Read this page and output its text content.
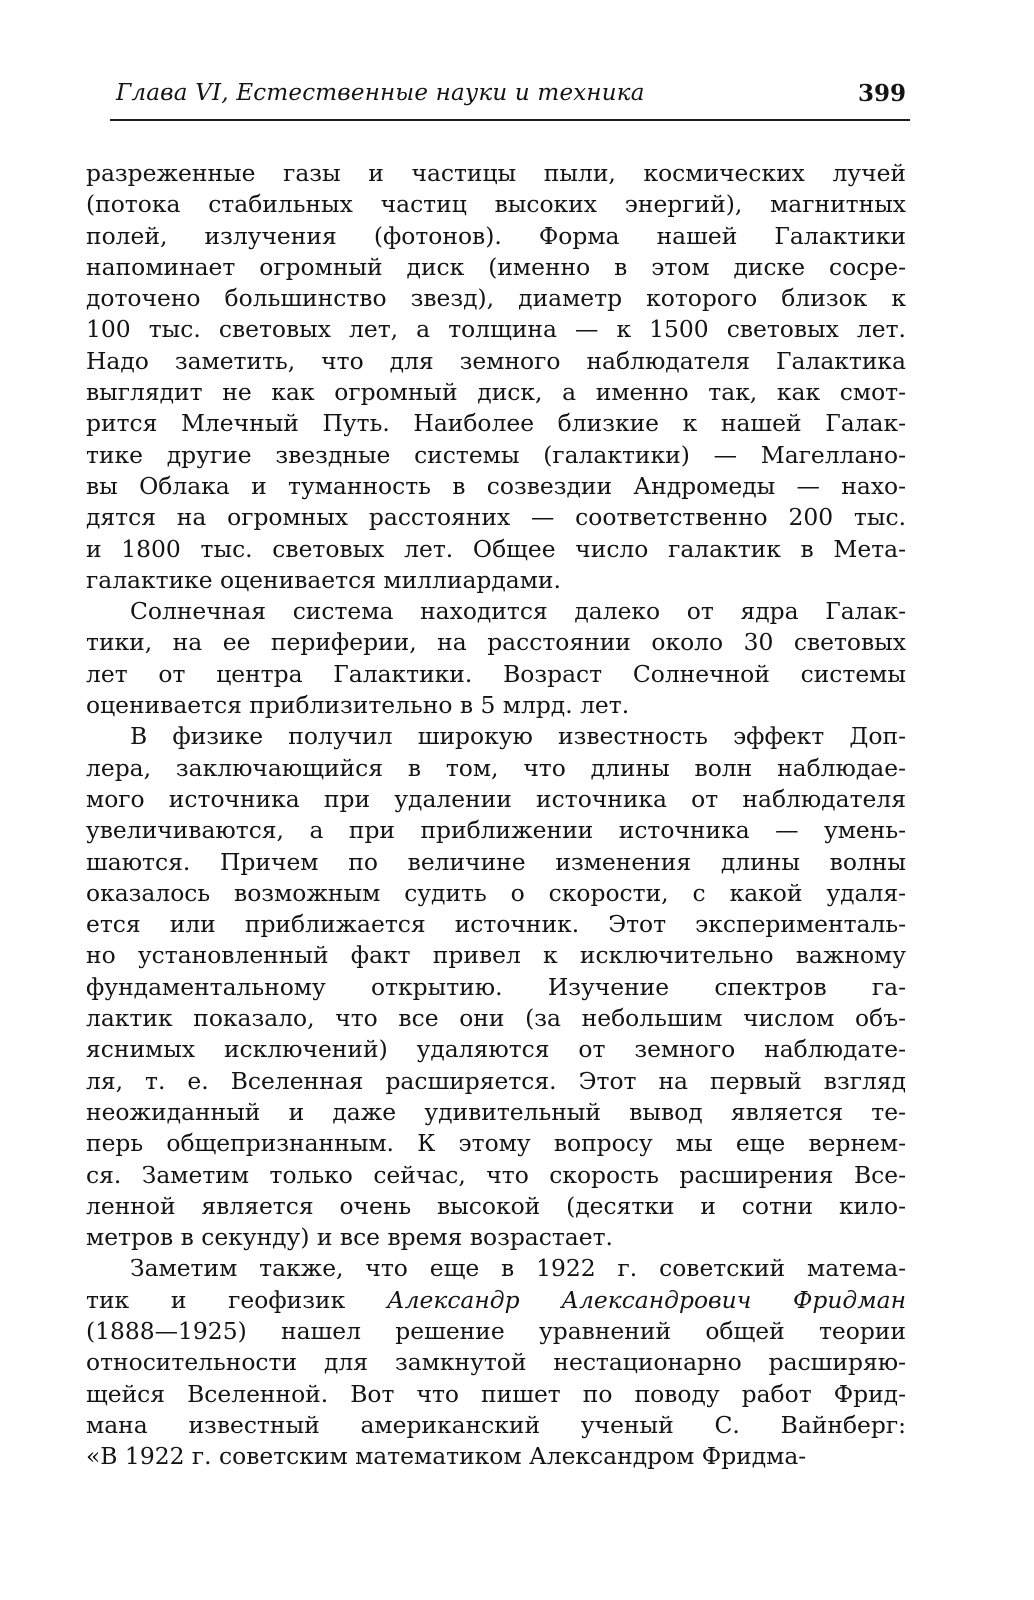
Глава VI, Естественные науки и техника	399
разреженные газы и частицы пыли, космических лучей
(потока стабильных частиц высоких энергий), магнитных
полей, излучения (фотонов). Форма нашей Галактики
напоминает огромный диск (именно в этом диске сосре-
доточено большинство звезд), диаметр которого близок к
100 тыс. световых лет, а толщина — к 1500 световых лет.
Надо заметить, что для земного наблюдателя Галактика
выглядит не как огромный диск, а именно так, как смот-
рится Млечный Путь. Наиболее близкие к нашей Галак-
тике другие звездные системы (галактики) — Магелланo-
вы Облака и туманность в созвездии Андромеды — нахо-
дятся на огромных расстояних — соответственно 200 тыс.
и 1800 тыс. световых лет. Общее число галактик в Мета-
галактике оценивается миллиардами.
Солнечная система находится далеко от ядра Галак-
тики, на ее периферии, на расстоянии около 30 световых
лет от центра Галактики. Возраст Солнечной системы
оценивается приблизительно в 5 млрд. лет.
В физике получил широкую известность эффект Доп-
лера, заключающийся в том, что длины волн наблюдае-
мого источника при удалении источника от наблюдателя
увеличиваются, а при приближении источника — умень-
шаются. Причем по величине изменения длины волны
оказалось возможным судить о скорости, с какой удаля-
ется или приближается источник. Этот эксперименталь-
но установленный факт привел к исключительно важному
фундаментальному открытию. Изучение спектров га-
лактик показало, что все они (за небольшим числом объ-
яснимых исключений) удаляются от земного наблюдате-
ля, т. е. Вселенная расширяется. Этот на первый взгляд
неожиданный и даже удивительный вывод является те-
перь общепризнанным. К этому вопросу мы еще вернем-
ся. Заметим только сейчас, что скорость расширения Все-
ленной является очень высокой (десятки и сотни кило-
метров в секунду) и все время возрастает.
Заметим также, что еще в 1922 г. советский матема-
тик и геофизик Александр Александрович Фридман
(1888—1925) нашел решение уравнений общей теории
относительности для замкнутой нестационарно расширяю-
щейся Вселенной. Вот что пишет по поводу работ Фрид-
мана известный американский ученый С. Вайнберг:
«В 1922 г. советским математиком Александром Фридма-
